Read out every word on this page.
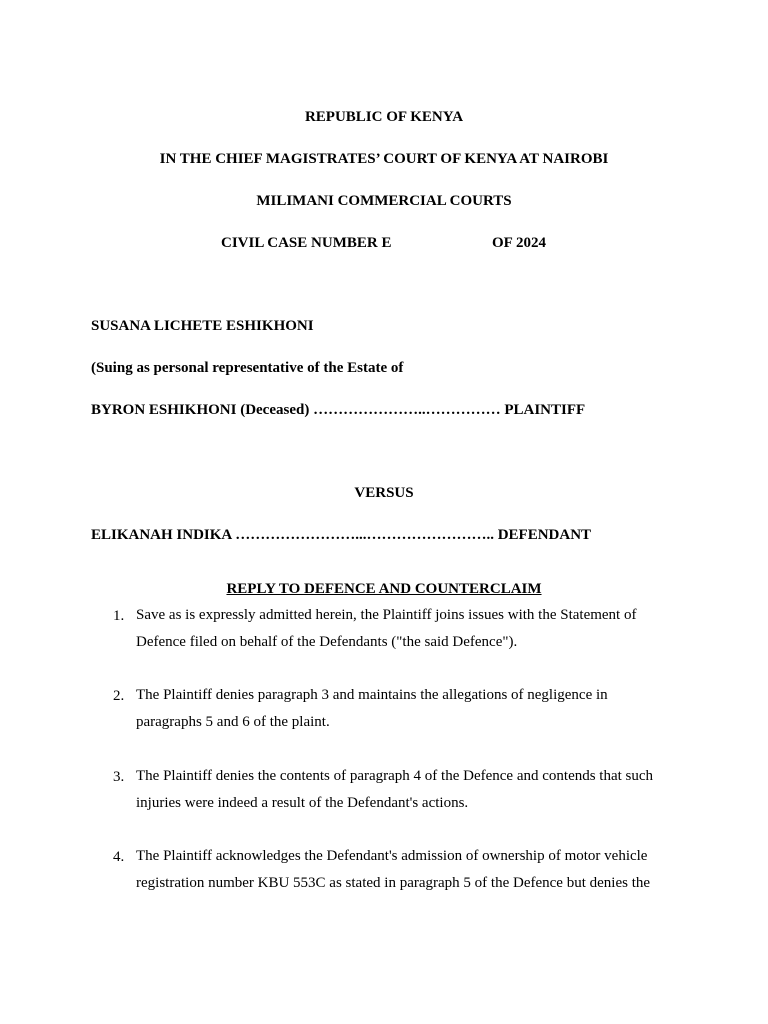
REPUBLIC OF KENYA
IN THE CHIEF MAGISTRATES’ COURT OF KENYA AT NAIROBI
MILIMANI COMMERCIAL COURTS
CIVIL CASE NUMBER E	OF 2024
SUSANA LICHETE ESHIKHONI
(Suing as personal representative of the Estate of
BYRON ESHIKHONI (Deceased) …………………..…………… PLAINTIFF
VERSUS
ELIKANAH INDIKA ……………………...…………………….. DEFENDANT
REPLY TO DEFENCE AND COUNTERCLAIM
1. Save as is expressly admitted herein, the Plaintiff joins issues with the Statement of
Defence filed on behalf of the Defendants ("the said Defence").
2. The Plaintiff denies paragraph 3 and maintains the allegations of negligence in
paragraphs 5 and 6 of the plaint.
3. The Plaintiff denies the contents of paragraph 4 of the Defence and contends that such
injuries were indeed a result of the Defendant's actions.
4. The Plaintiff acknowledges the Defendant's admission of ownership of motor vehicle
registration number KBU 553C as stated in paragraph 5 of the Defence but denies the
